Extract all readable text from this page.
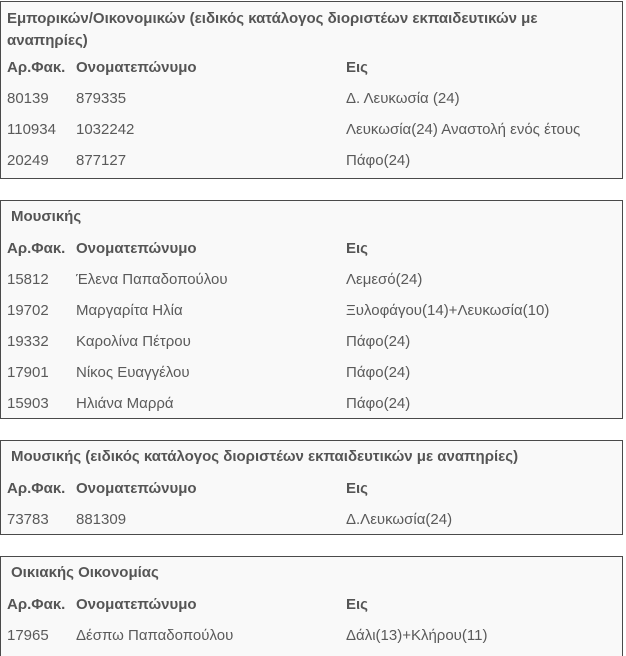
Εμπορικών/Οικονομικών (ειδικός κατάλογος διοριστέων εκπαιδευτικών με αναπηρίες)
Αρ.Φακ.	Ονοματεπώνυμο	Εις
80139	879335	Δ. Λευκωσία (24)
110934	1032242	Λευκωσία(24) Αναστολή ενός έτους
20249	877127	Πάφο(24)
Μουσικής
Αρ.Φακ.	Ονοματεπώνυμο	Εις
15812	Έλενα Παπαδοπούλου	Λεμεσό(24)
19702	Μαργαρίτα Ηλία	Ξυλοφάγου(14)+Λευκωσία(10)
19332	Καρολίνα Πέτρου	Πάφο(24)
17901	Νίκος Ευαγγέλου	Πάφο(24)
15903	Ηλιάνα Μαρρά	Πάφο(24)
Μουσικής (ειδικός κατάλογος διοριστέων εκπαιδευτικών με αναπηρίες)
Αρ.Φακ.	Ονοματεπώνυμο	Εις
73783	881309	Δ.Λευκωσία(24)
Οικιακής Οικονομίας
Αρ.Φακ.	Ονοματεπώνυμο	Εις
17965	Δέσπω Παπαδοπούλου	Δάλι(13)+Κλήρου(11)
